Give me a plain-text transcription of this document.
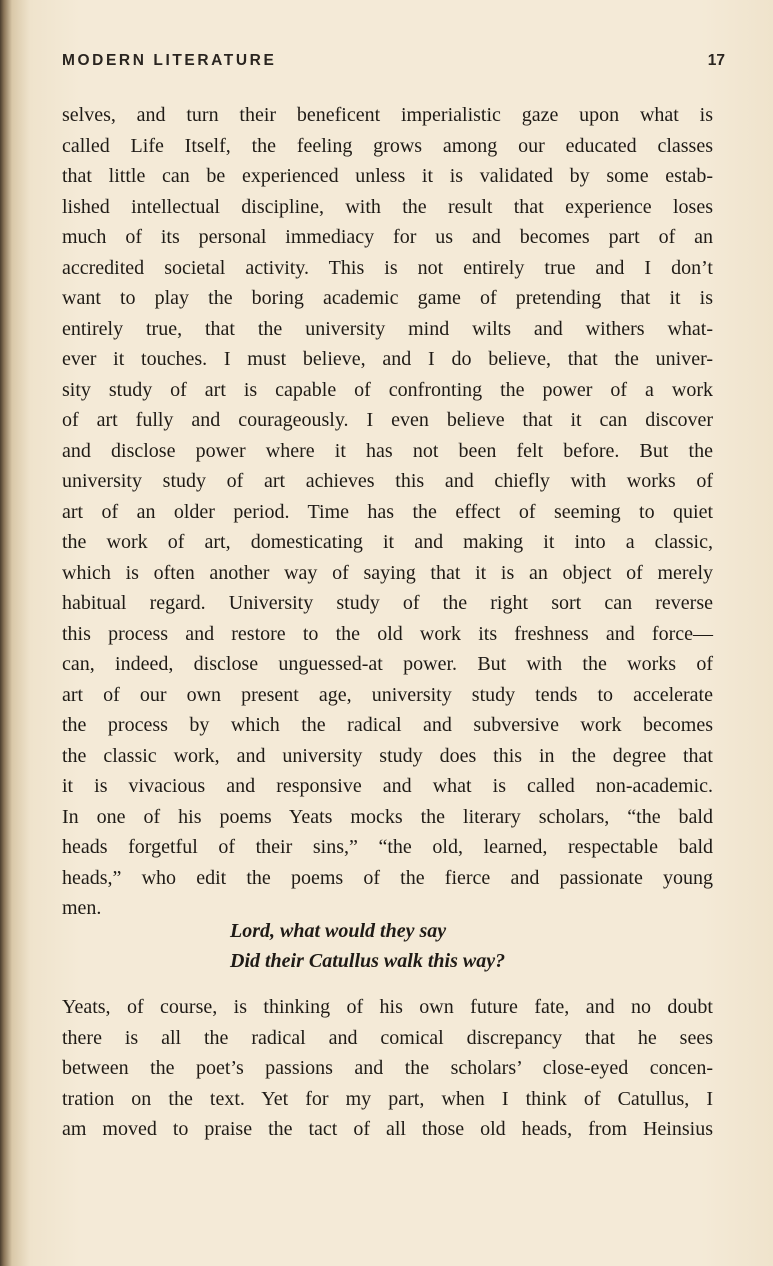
MODERN LITERATURE	17
selves, and turn their beneficent imperialistic gaze upon what is
called Life Itself, the feeling grows among our educated classes
that little can be experienced unless it is validated by some estab-
lished intellectual discipline, with the result that experience loses
much of its personal immediacy for us and becomes part of an
accredited societal activity. This is not entirely true and I don’t
want to play the boring academic game of pretending that it is
entirely true, that the university mind wilts and withers what-
ever it touches. I must believe, and I do believe, that the univer-
sity study of art is capable of confronting the power of a work
of art fully and courageously. I even believe that it can discover
and disclose power where it has not been felt before. But the
university study of art achieves this and chiefly with works of
art of an older period. Time has the effect of seeming to quiet
the work of art, domesticating it and making it into a classic,
which is often another way of saying that it is an object of merely
habitual regard. University study of the right sort can reverse
this process and restore to the old work its freshness and force—
can, indeed, disclose unguessed-at power. But with the works of
art of our own present age, university study tends to accelerate
the process by which the radical and subversive work becomes
the classic work, and university study does this in the degree that
it is vivacious and responsive and what is called non-academic.
In one of his poems Yeats mocks the literary scholars, “the bald
heads forgetful of their sins,” “the old, learned, respectable bald
heads,” who edit the poems of the fierce and passionate young
men.
Lord, what would they say
Did their Catullus walk this way?
Yeats, of course, is thinking of his own future fate, and no doubt
there is all the radical and comical discrepancy that he sees
between the poet’s passions and the scholars’ close-eyed concen-
tration on the text. Yet for my part, when I think of Catullus, I
am moved to praise the tact of all those old heads, from Heinsius
